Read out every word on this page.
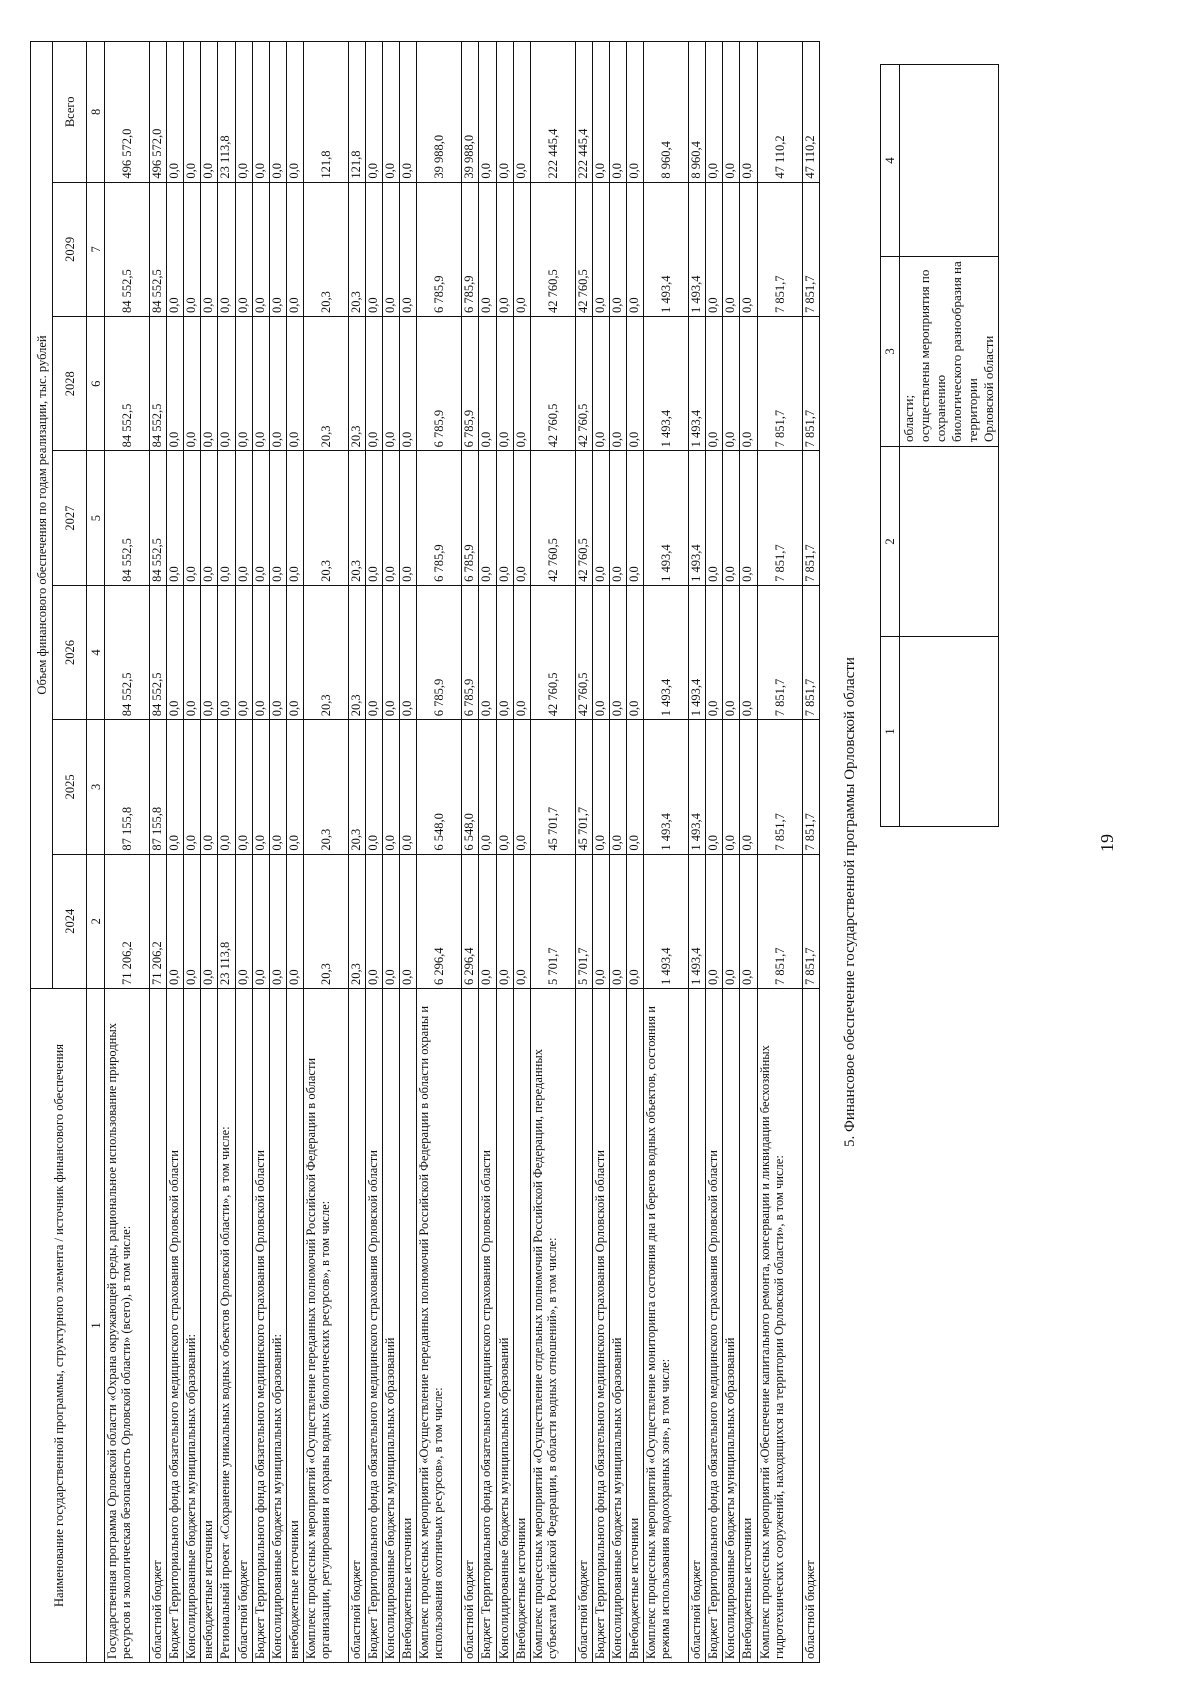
19
1	2	3	4

		области; осуществлены мероприятия по сохранению биологического разнообразия на территории Орловской области	

5. Финансовое обеспечение государственной программы Орловской области
Наименование государственной программы, структурного элемента / источник финансового обеспечения	Объем финансового обеспечения по годам реализации, тыс. рублей						
	2024	2025	2026	2027	2028	2029	Всего
1	2	3	4	5	6	7	8
Государственная программа Орловской области «Охрана окружающей среды, рациональное использование природных ресурсов и экологическая безопасность Орловской области» (всего), в том числе:	71 206,2	87 155,8	84 552,5	84 552,5	84 552,5	84 552,5	496 572,0
областной бюджет	71 206,2	87 155,8	84 552,5	84 552,5	84 552,5	84 552,5	496 572,0
Бюджет Территориального фонда обязательного медицинского страхования Орловской области	0,0	0,0	0,0	0,0	0,0	0,0	0,0
Консолидированные бюджеты муниципальных образований:	0,0	0,0	0,0	0,0	0,0	0,0	0,0
внебюджетные источники	0,0	0,0	0,0	0,0	0,0	0,0	0,0
Региональный проект «Сохранение уникальных водных объектов Орловской области», в том числе:	23 113,8	0,0	0,0	0,0	0,0	0,0	23 113,8
областной бюджет	0,0	0,0	0,0	0,0	0,0	0,0	0,0
Бюджет Территориального фонда обязательного медицинского страхования Орловской области	0,0	0,0	0,0	0,0	0,0	0,0	0,0
Консолидированные бюджеты муниципальных образований:	0,0	0,0	0,0	0,0	0,0	0,0	0,0
внебюджетные источники	0,0	0,0	0,0	0,0	0,0	0,0	0,0
Комплекс процессных мероприятий «Осуществление переданных полномочий Российской Федерации в области организации, регулирования и охраны водных биологических ресурсов», в том числе:	20,3	20,3	20,3	20,3	20,3	20,3	121,8
областной бюджет	20,3	20,3	20,3	20,3	20,3	20,3	121,8
Бюджет Территориального фонда обязательного медицинского страхования Орловской области	0,0	0,0	0,0	0,0	0,0	0,0	0,0
Консолидированные бюджеты муниципальных образований	0,0	0,0	0,0	0,0	0,0	0,0	0,0
Внебюджетные источники	0,0	0,0	0,0	0,0	0,0	0,0	0,0
Комплекс процессных мероприятий «Осуществление переданных полномочий Российской Федерации в области охраны и использования охотничьих ресурсов», в том числе:	6 296,4	6 548,0	6 785,9	6 785,9	6 785,9	6 785,9	39 988,0
областной бюджет	6 296,4	6 548,0	6 785,9	6 785,9	6 785,9	6 785,9	39 988,0
Бюджет Территориального фонда обязательного медицинского страхования Орловской области	0,0	0,0	0,0	0,0	0,0	0,0	0,0
Консолидированные бюджеты муниципальных образований	0,0	0,0	0,0	0,0	0,0	0,0	0,0
Внебюджетные источники	0,0	0,0	0,0	0,0	0,0	0,0	0,0
Комплекс процессных мероприятий «Осуществление отдельных полномочий Российской Федерации, переданных субъектам Российской Федерации, в области водных отношений», в том числе:	5 701,7	45 701,7	42 760,5	42 760,5	42 760,5	42 760,5	222 445,4
областной бюджет	5 701,7	45 701,7	42 760,5	42 760,5	42 760,5	42 760,5	222 445,4
Бюджет Территориального фонда обязательного медицинского страхования Орловской области	0,0	0,0	0,0	0,0	0,0	0,0	0,0
Консолидированные бюджеты муниципальных образований	0,0	0,0	0,0	0,0	0,0	0,0	0,0
Внебюджетные источники	0,0	0,0	0,0	0,0	0,0	0,0	0,0
Комплекс процессных мероприятий «Осуществление мониторинга состояния дна и берегов водных объектов, состояния и режима использования водоохранных зон», в том числе:	1 493,4	1 493,4	1 493,4	1 493,4	1 493,4	1 493,4	8 960,4
областной бюджет	1 493,4	1 493,4	1 493,4	1 493,4	1 493,4	1 493,4	8 960,4
Бюджет Территориального фонда обязательного медицинского страхования Орловской области	0,0	0,0	0,0	0,0	0,0	0,0	0,0
Консолидированные бюджеты муниципальных образований	0,0	0,0	0,0	0,0	0,0	0,0	0,0
Внебюджетные источники	0,0	0,0	0,0	0,0	0,0	0,0	0,0
Комплекс процессных мероприятий «Обеспечение капитального ремонта, консервации и ликвидации бесхозяйных гидротехнических сооружений, находящихся на территории Орловской области», в том числе:	7 851,7	7 851,7	7 851,7	7 851,7	7 851,7	7 851,7	47 110,2
областной бюджет	7 851,7	7 851,7	7 851,7	7 851,7	7 851,7	7 851,7	47 110,2
